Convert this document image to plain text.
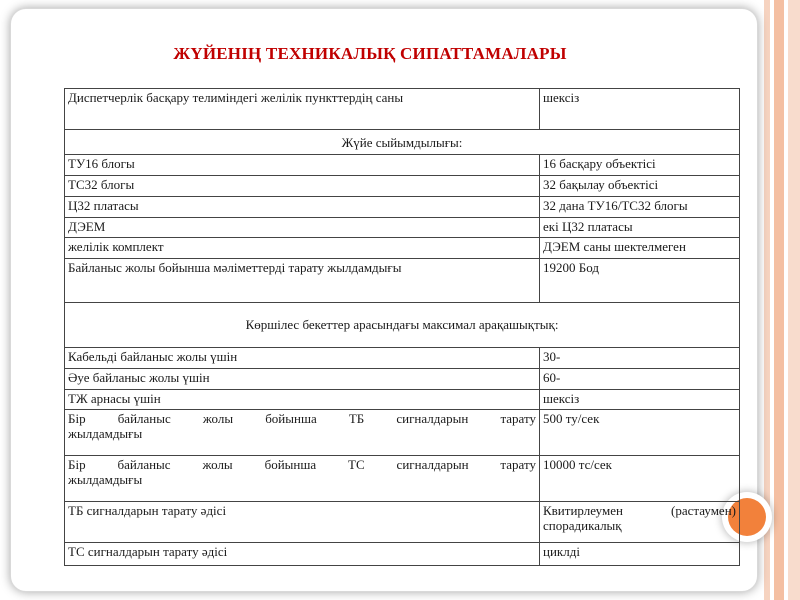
ЖҮЙЕНІҢ ТЕХНИКАЛЫҚ СИПАТТАМАЛАРЫ
Диспетчерлік басқару телиміндегі желілік пункттердің саны	шексіз
Жүйе сыйымдылығы:	
ТУ16 блогы	16 басқару объектісі
ТС32 блогы	32 бақылау объектісі
Ц32 платасы	32 дана ТУ16/ТС32 блогы
ДЭЕМ	екі Ц32 платасы
желілік комплект	ДЭЕМ саны шектелмеген
Байланыс жолы бойынша мәліметтерді тарату жылдамдығы	19200 Бод
Көршілес бекеттер арасындағы максимал арақашықтық:	
Кабельді байланыс жолы үшін	30-
Әуе байланыс жолы үшін	60-
ТЖ арнасы үшін	шексіз

Бір байланыс жолы бойынша ТБ сигналдарын тарату
жылдамдығы	500 ту/сек

Бір байланыс жолы бойынша ТС сигналдарын тарату
жылдамдығы	10000 тс/сек
ТБ сигналдарын тарату әдісі	Квитирлеумен (растаумен)
спорадикалық

ТС сигналдарын тарату әдісі	циклді
